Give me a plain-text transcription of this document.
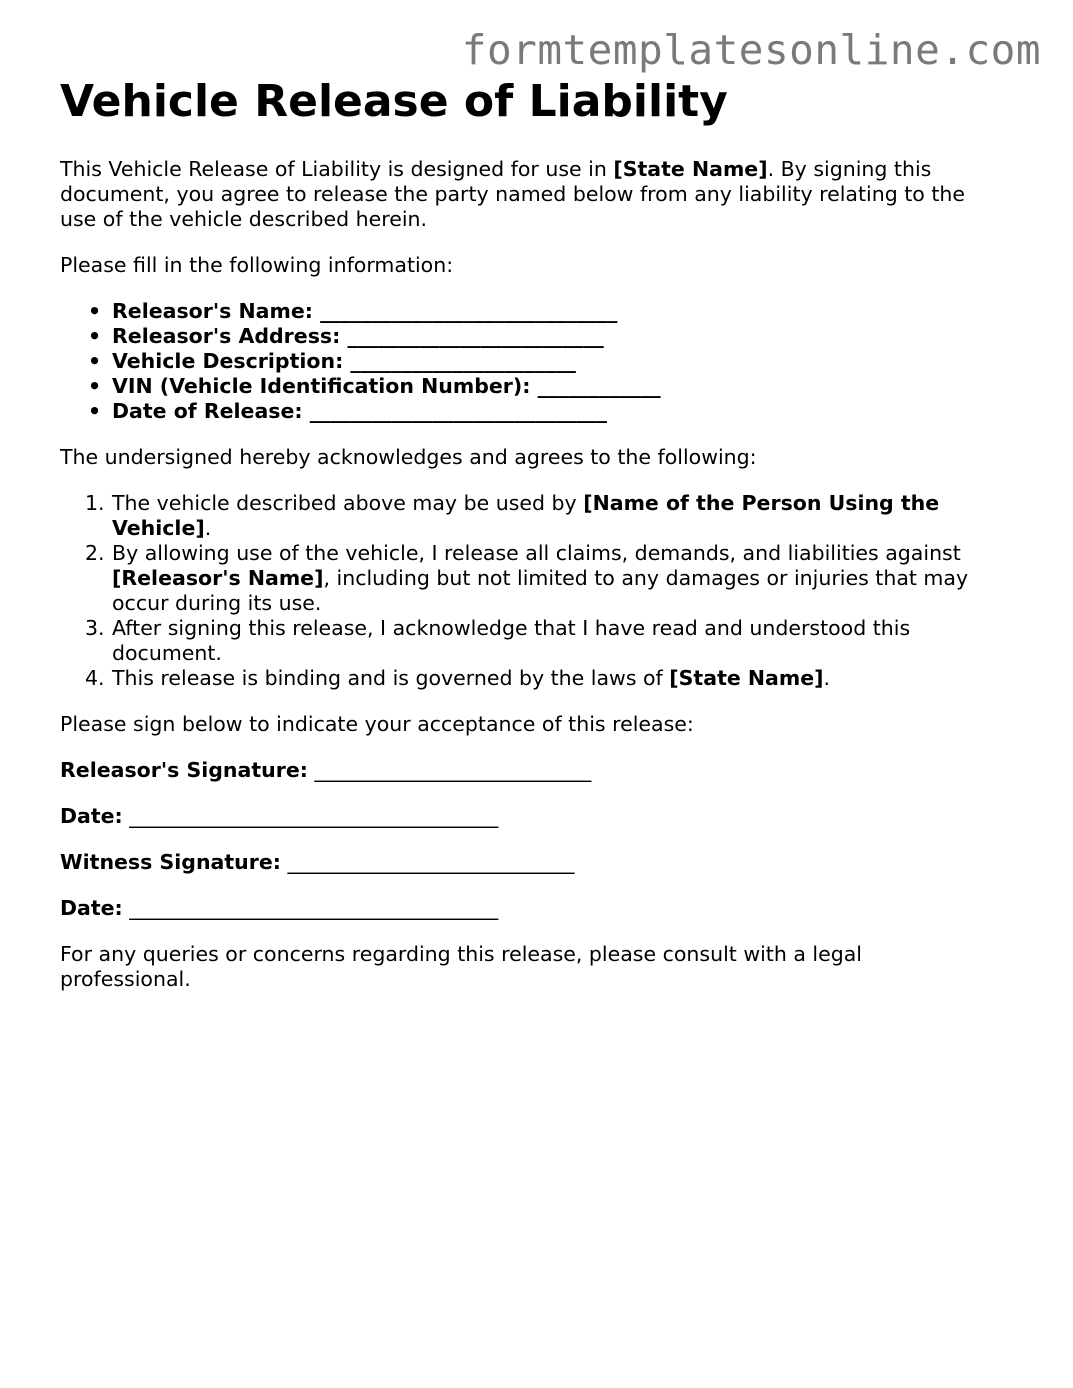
formtemplatesonline.com
Vehicle Release of Liability

This Vehicle Release of Liability is designed for use in [State Name]. By signing this document, you agree to release the party named below from any liability relating to the use of the vehicle described herein.

Please fill in the following information:

• Releasor's Name: _____________________________
• Releasor's Address: _________________________
• Vehicle Description: ______________________
• VIN (Vehicle Identification Number): ____________
• Date of Release: _____________________________

The undersigned hereby acknowledges and agrees to the following:

1. The vehicle described above may be used by [Name of the Person Using the Vehicle].
2. By allowing use of the vehicle, I release all claims, demands, and liabilities against [Releasor's Name], including but not limited to any damages or injuries that may occur during its use.
3. After signing this release, I acknowledge that I have read and understood this document.
4. This release is binding and is governed by the laws of [State Name].

Please sign below to indicate your acceptance of this release:

Releasor's Signature: ___________________________
Date: ____________________________________
Witness Signature: ____________________________
Date: ____________________________________

For any queries or concerns regarding this release, please consult with a legal professional.
